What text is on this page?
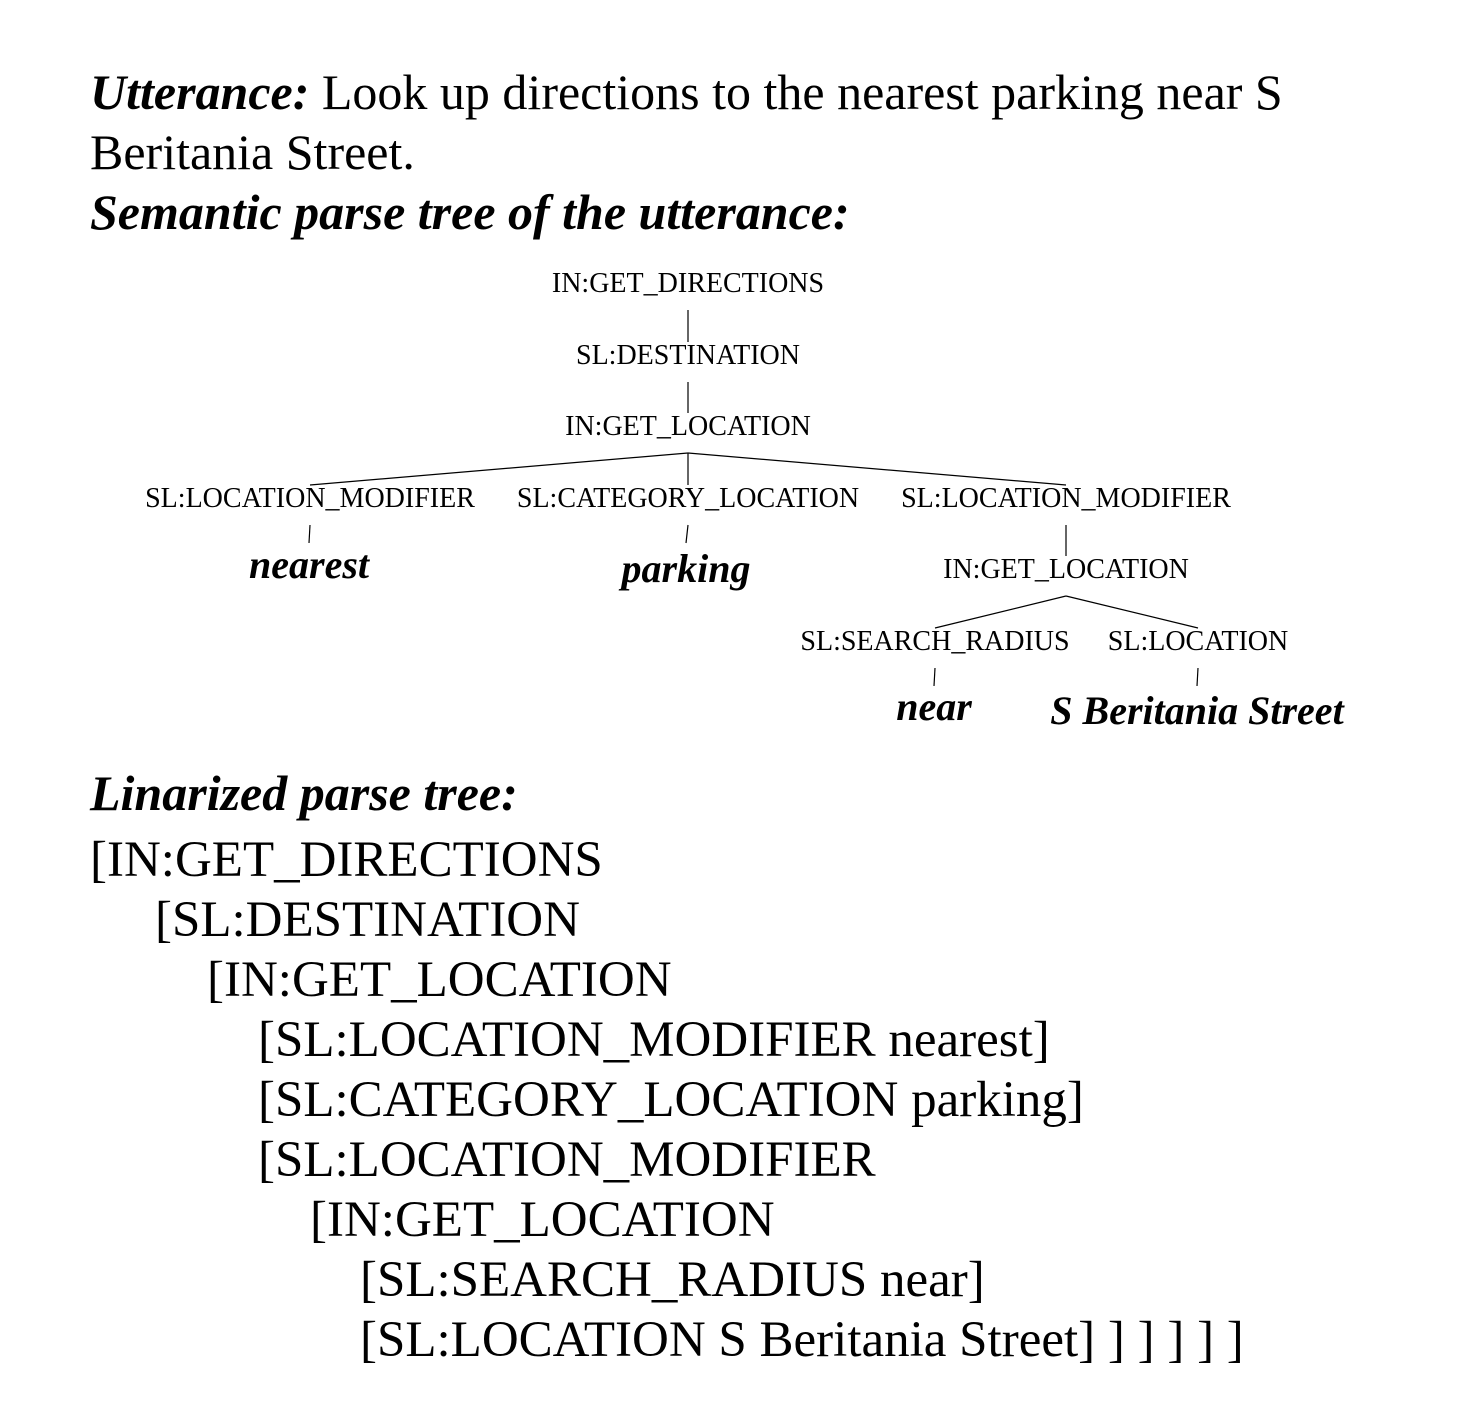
Utterance: Look up directions to the nearest parking near S
Beritania Street.
Semantic parse tree of the utterance:
IN:GET_DIRECTIONS
SL:DESTINATION
IN:GET_LOCATION
SL:LOCATION_MODIFIER SL:CATEGORY_LOCATION SL:LOCATION_MODIFIER
nearest	parking	IN:GET_LOCATION
SL:SEARCH_RADIUS SL:LOCATION
near S Beritania Street
Linarized parse tree:
[IN:GET_DIRECTIONS
[SL:DESTINATION
[IN:GET_LOCATION
[SL:LOCATION_MODIFIER nearest]
[SL:CATEGORY_LOCATION parking]
[SL:LOCATION_MODIFIER
[IN:GET_LOCATION
[SL:SEARCH_RADIUS near]
[SL:LOCATION S Beritania Street] ] ] ] ] ]
